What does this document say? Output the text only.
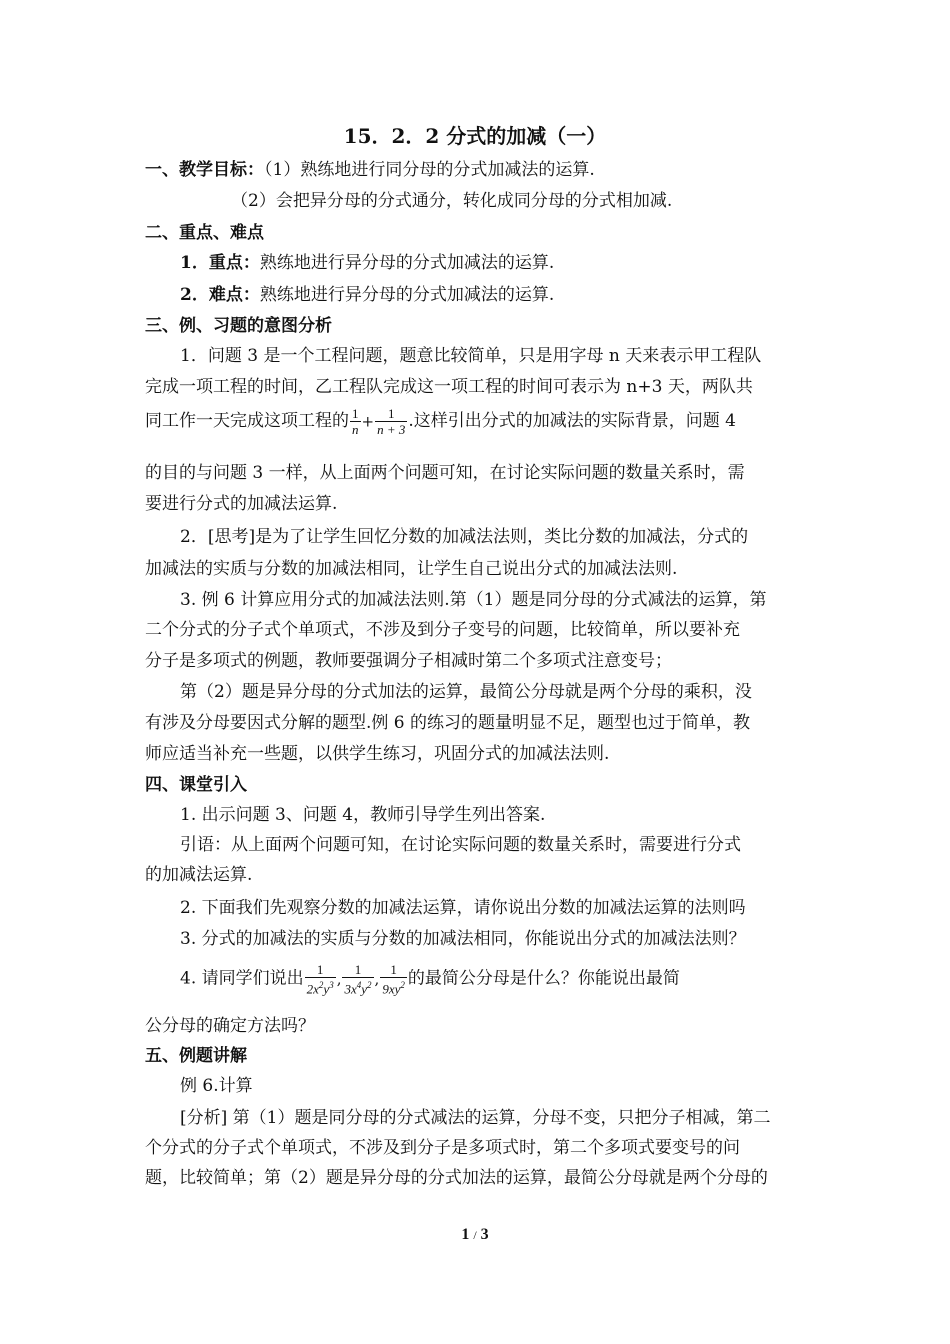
15．2．2 分式的加减（一）
一、教学目标：（1）熟练地进行同分母的分式加减法的运算.
（2）会把异分母的分式通分，转化成同分母的分式相加减.
二、重点、难点
1．重点：熟练地进行异分母的分式加减法的运算.
2．难点：熟练地进行异分母的分式加减法的运算.
三、例、习题的意图分析
1．问题 3 是一个工程问题，题意比较简单，只是用字母 n 天来表示甲工程队
完成一项工程的时间，乙工程队完成这一项工程的时间可表示为 n+3 天，两队共
同工作一天完成这项工程的 $\frac{1}{n} + \frac{1}{n + 3}$ .这样引出分式的加减法的实际背景，问题 4
的目的与问题 3 一样，从上面两个问题可知，在讨论实际问题的数量关系时，需
要进行分式的加减法运算.
2．[思考]是为了让学生回忆分数的加减法法则，类比分数的加减法，分式的
加减法的实质与分数的加减法相同，让学生自己说出分式的加减法法则.
3. 例 6 计算应用分式的加减法法则.第（1）题是同分母的分式减法的运算，第
二个分式的分子式个单项式，不涉及到分子变号的问题，比较简单，所以要补充
分子是多项式的例题，教师要强调分子相减时第二个多项式注意变号；
第（2）题是异分母的分式加法的运算，最简公分母就是两个分母的乘积，没
有涉及分母要因式分解的题型.例 6 的练习的题量明显不足，题型也过于简单，教
师应适当补充一些题，以供学生练习，巩固分式的加减法法则.
四、课堂引入
1. 出示问题 3、问题 4，教师引导学生列出答案.
引语：从上面两个问题可知，在讨论实际问题的数量关系时，需要进行分式
的加减法运算.
2. 下面我们先观察分数的加减法运算，请你说出分数的加减法运算的法则吗
3. 分式的加减法的实质与分数的加减法相同，你能说出分式的加减法法则？
4. 请同学们说出 $\frac{1}{2x^2y^3}$ , $\frac{1}{3x^4y^2}$ , $\frac{1}{9xy^2}$ 的最简公分母是什么？你能说出最简
公分母的确定方法吗？
五、例题讲解
例 6.计算
[分析] 第（1）题是同分母的分式减法的运算，分母不变，只把分子相减，第二
个分式的分子式个单项式，不涉及到分子是多项式时，第二个多项式要变号的问
题，比较简单；第（2）题是异分母的分式加法的运算，最简公分母就是两个分母的
1 / 3
